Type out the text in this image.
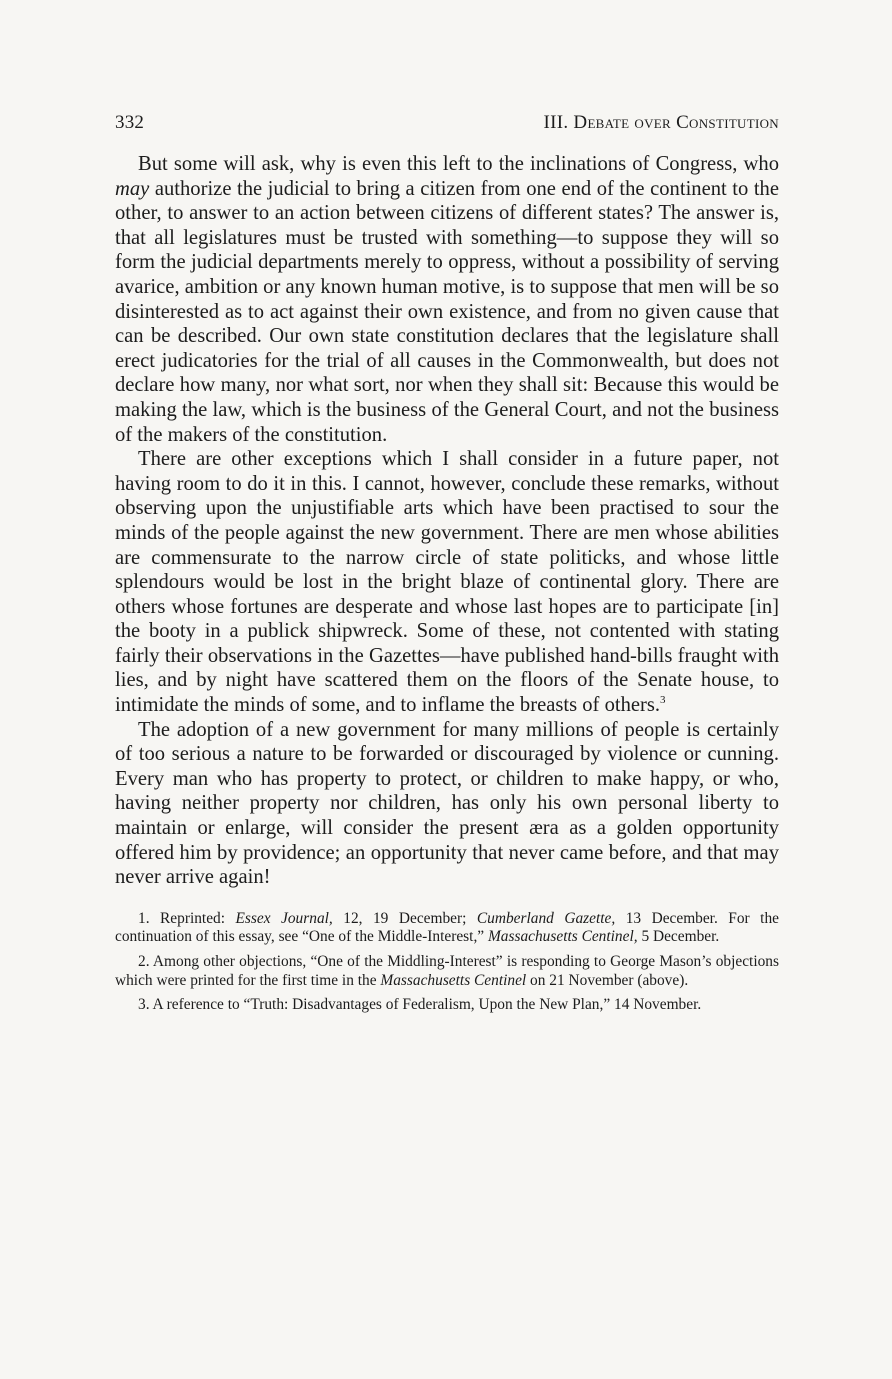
332	III. Debate over Constitution

But some will ask, why is even this left to the inclinations of Congress, who may authorize the judicial to bring a citizen from one end of the continent to the other, to answer to an action between citizens of different states? The answer is, that all legislatures must be trusted with something—to suppose they will so form the judicial departments merely to oppress, without a possibility of serving avarice, ambition or any known human motive, is to suppose that men will be so disinterested as to act against their own existence, and from no given cause that can be described. Our own state constitution declares that the legislature shall erect judicatories for the trial of all causes in the Commonwealth, but does not declare how many, nor what sort, nor when they shall sit: Because this would be making the law, which is the business of the General Court, and not the business of the makers of the constitution.

There are other exceptions which I shall consider in a future paper, not having room to do it in this. I cannot, however, conclude these remarks, without observing upon the unjustifiable arts which have been practised to sour the minds of the people against the new government. There are men whose abilities are commensurate to the narrow circle of state politicks, and whose little splendours would be lost in the bright blaze of continental glory. There are others whose fortunes are desperate and whose last hopes are to participate [in] the booty in a publick shipwreck. Some of these, not contented with stating fairly their observations in the Gazettes—have published hand-bills fraught with lies, and by night have scattered them on the floors of the Senate house, to intimidate the minds of some, and to inflame the breasts of others.$^3$

The adoption of a new government for many millions of people is certainly of too serious a nature to be forwarded or discouraged by violence or cunning. Every man who has property to protect, or children to make happy, or who, having neither property nor children, has only his own personal liberty to maintain or enlarge, will consider the present æra as a golden opportunity offered him by providence; an opportunity that never came before, and that may never arrive again!

1. Reprinted: Essex Journal, 12, 19 December; Cumberland Gazette, 13 December. For the continuation of this essay, see “One of the Middle-Interest,” Massachusetts Centinel, 5 December.

2. Among other objections, “One of the Middling-Interest” is responding to George Mason’s objections which were printed for the first time in the Massachusetts Centinel on 21 November (above).

3. A reference to “Truth: Disadvantages of Federalism, Upon the New Plan,” 14 November.
